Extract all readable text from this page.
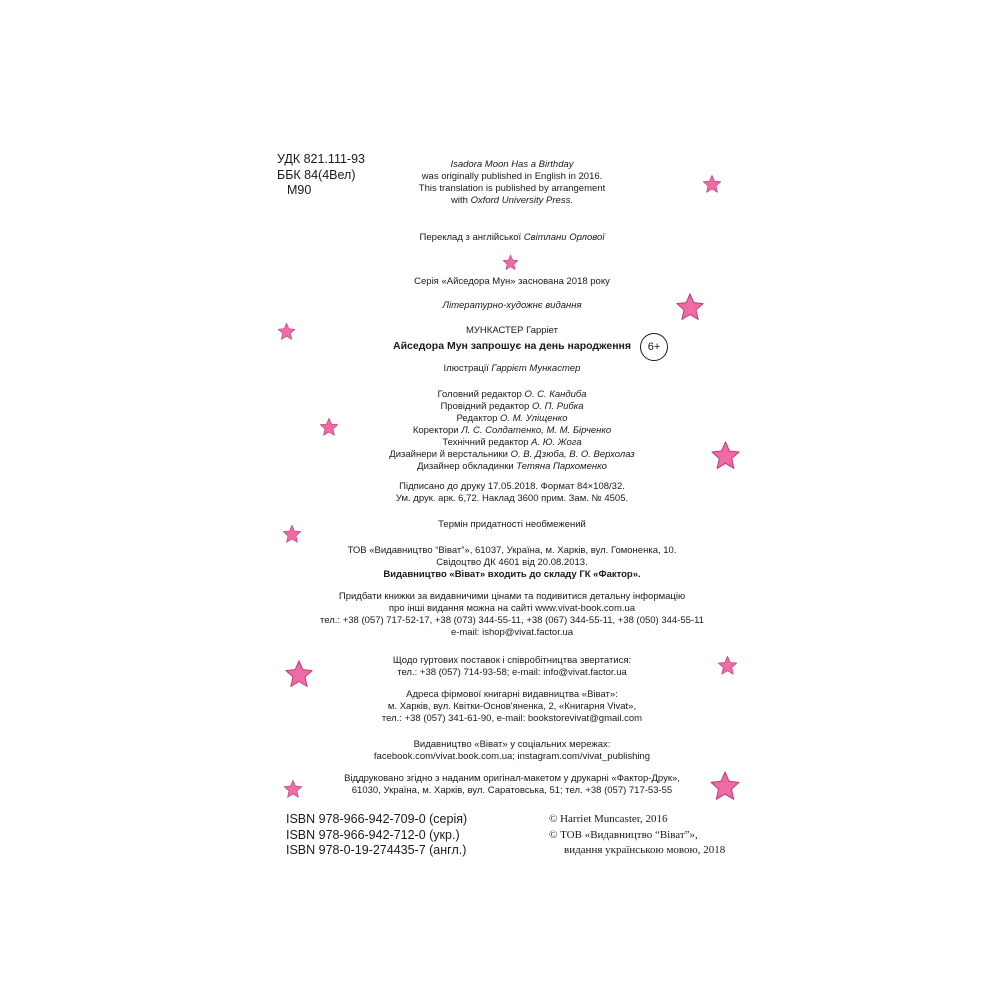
УДК 821.111-93
ББК 84(4Вел)
М90
Isadora Moon Has a Birthday
was originally published in English in 2016.
This translation is published by arrangement
with Oxford University Press.
Переклад з англійської Світлани Орлової
Серія «Айседора Мун» заснована 2018 року
Літературно-художнє видання
МУНКАСТЕР Гарріет
Айседора Мун запрошує на день народження	6+
Ілюстрації Гаррієт Мункастер
Головний редактор О. С. Кандиба
Провідний редактор О. П. Рибка
Редактор О. М. Уліщенко
Коректори Л. С. Солдатенко, М. М. Бірченко
Технічний редактор А. Ю. Жога
Дизайнери й верстальники О. В. Дзюба, В. О. Верхолаз
Дизайнер обкладинки Тетяна Пархоменко
Підписано до друку 17.05.2018. Формат 84×108/32.
Ум. друк. арк. 6,72. Наклад 3600 прим. Зам. № 4505.
Термін придатності необмежений
ТОВ «Видавництво “Віват”», 61037, Україна, м. Харків, вул. Гомоненка, 10.
Свідоцтво ДК 4601 від 20.08.2013.
Видавництво «Віват» входить до складу ГК «Фактор».
Придбати книжки за видавничими цінами та подивитися детальну інформацію
про інші видання можна на сайті www.vivat-book.com.ua
тел.: +38 (057) 717-52-17, +38 (073) 344-55-11, +38 (067) 344-55-11, +38 (050) 344-55-11
e-mail: ishop@vivat.factor.ua
Щодо гуртових поставок і співробітництва звертатися:
тел.: +38 (057) 714-93-58; e-mail: info@vivat.factor.ua
Адреса фірмової книгарні видавництва «Віват»:
м. Харків, вул. Квітки-Основ'яненка, 2, «Книгарня Vivat»,
тел.: +38 (057) 341-61-90, e-mail: bookstorevivat@gmail.com
Видавництво «Віват» у соціальних мережах:
facebook.com/vivat.book.com.ua; instagram.com/vivat_publishing
Віддруковано згідно з наданим оригінал-макетом у друкарні «Фактор-Друк»,
61030, Україна, м. Харків, вул. Саратовська, 51; тел. +38 (057) 717-53-55
ISBN 978-966-942-709-0 (серія)
ISBN 978-966-942-712-0 (укр.)
ISBN 978-0-19-274435-7 (англ.)
© Harriet Muncaster, 2016
© ТОВ «Видавництво “Віват”»,
видання українською мовою, 2018
